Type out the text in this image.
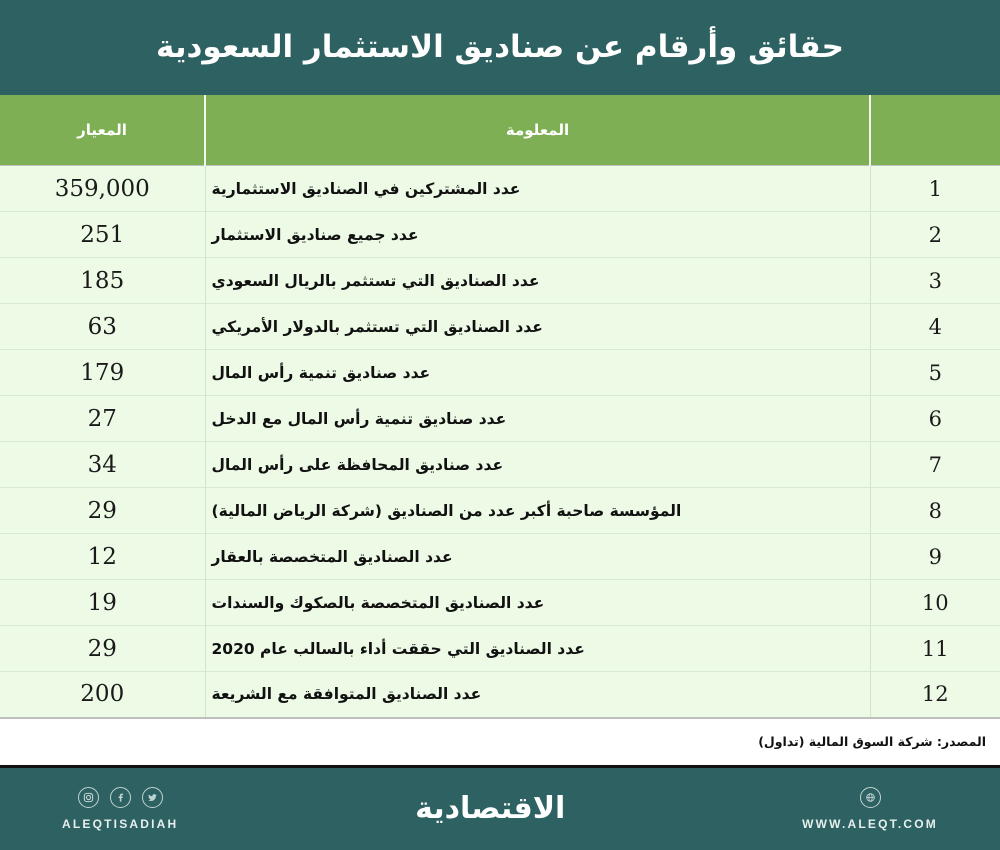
حقائق وأرقام عن صناديق الاستثمار السعودية
	المعلومة	المعيار
1	عدد المشتركين في الصناديق الاستثمارية	359,000
2	عدد جميع صناديق الاستثمار	251
3	عدد الصناديق التي تستثمر بالريال السعودي	185
4	عدد الصناديق التي تستثمر بالدولار الأمريكي	63
5	عدد صناديق تنمية رأس المال	179
6	عدد صناديق تنمية رأس المال مع الدخل	27
7	عدد صناديق المحافظة على رأس المال	34
8	المؤسسة صاحبة أكبر عدد من الصناديق (شركة الرياض المالية)	29
9	عدد الصناديق المتخصصة بالعقار	12
10	عدد الصناديق المتخصصة بالصكوك والسندات	19
11	عدد الصناديق التي حققت أداء بالسالب عام 2020	29
12	عدد الصناديق المتوافقة مع الشريعة	200
المصدر: شركة السوق المالية (تداول)
ALEQTISADIAH	الاقتصادية	WWW.ALEQT.COM
